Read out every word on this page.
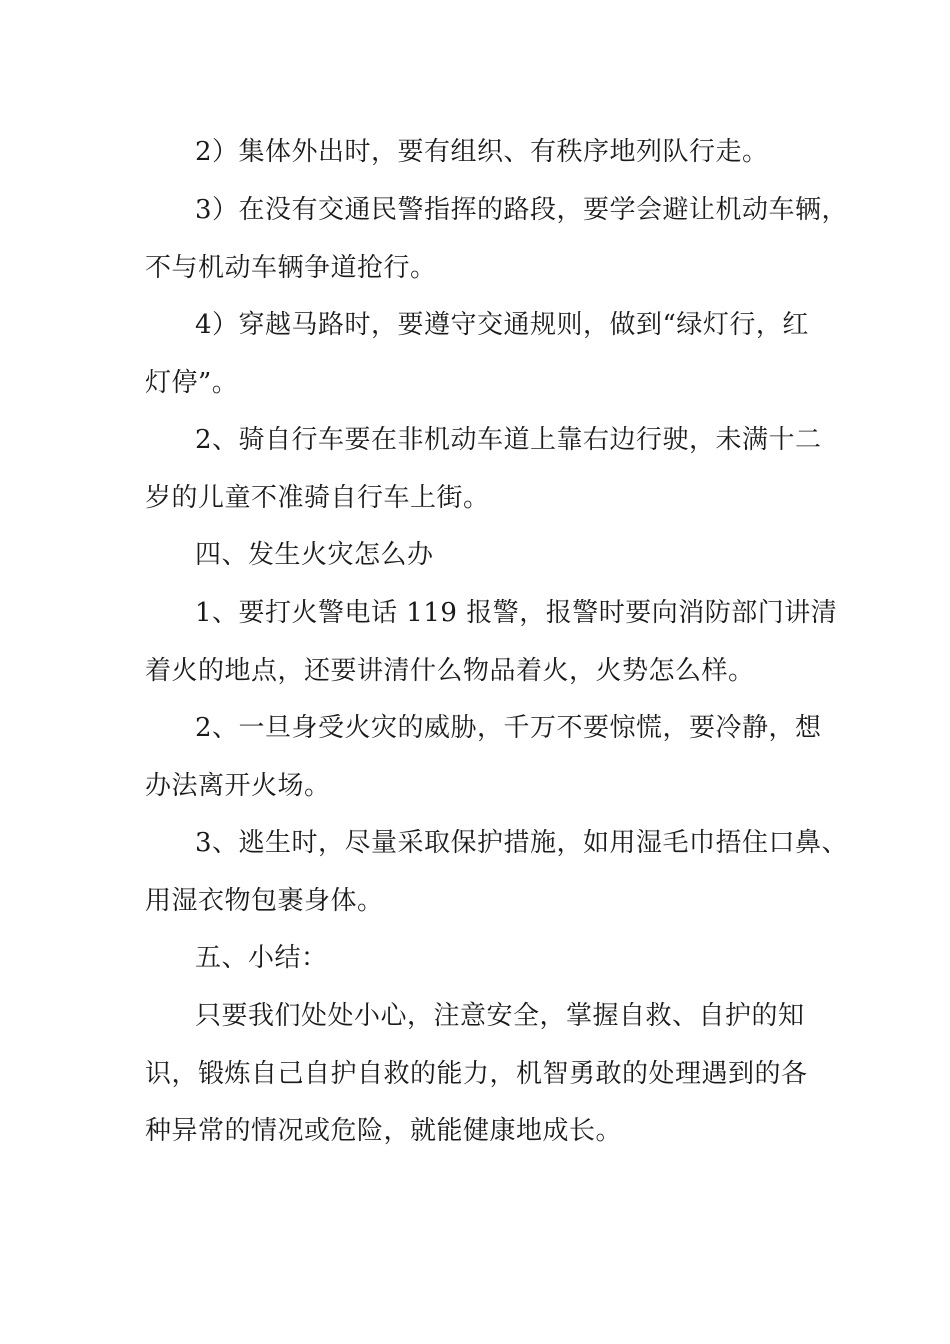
2）集体外出时，要有组织、有秩序地列队行走。
3）在没有交通民警指挥的路段，要学会避让机动车辆，
不与机动车辆争道抢行。
4）穿越马路时，要遵守交通规则，做到“绿灯行，红
灯停”。
2、骑自行车要在非机动车道上靠右边行驶，未满十二
岁的儿童不准骑自行车上街。
四、发生火灾怎么办
1、要打火警电话 119 报警，报警时要向消防部门讲清
着火的地点，还要讲清什么物品着火，火势怎么样。
2、一旦身受火灾的威胁，千万不要惊慌，要冷静，想
办法离开火场。
3、逃生时，尽量采取保护措施，如用湿毛巾捂住口鼻、
用湿衣物包裹身体。
五、小结：
只要我们处处小心，注意安全，掌握自救、自护的知
识，锻炼自己自护自救的能力，机智勇敢的处理遇到的各
种异常的情况或危险，就能健康地成长。
